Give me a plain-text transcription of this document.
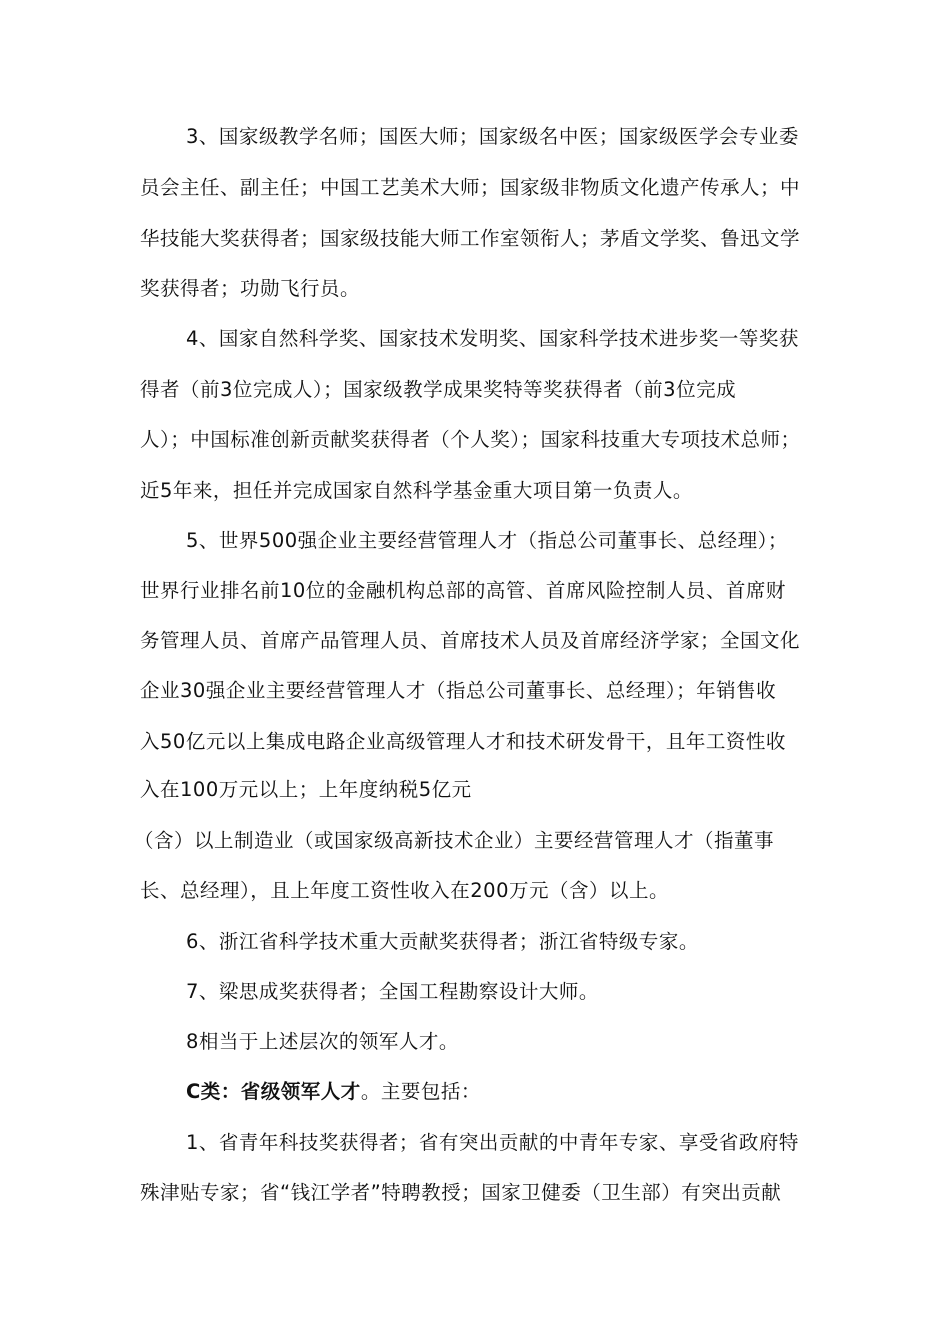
3、国家级教学名师；国医大师；国家级名中医；国家级医学会专业委
员会主任、副主任；中国工艺美术大师；国家级非物质文化遗产传承人；中
华技能大奖获得者；国家级技能大师工作室领衔人；茅盾文学奖、鲁迅文学
奖获得者；功勋飞行员。
4、国家自然科学奖、国家技术发明奖、国家科学技术进步奖一等奖获
得者（前3位完成人）；国家级教学成果奖特等奖获得者（前3位完成
人）；中国标准创新贡献奖获得者（个人奖）；国家科技重大专项技术总师；
近5年来，担任并完成国家自然科学基金重大项目第一负责人。
5、世界500强企业主要经营管理人才（指总公司董事长、总经理）；
世界行业排名前10位的金融机构总部的高管、首席风险控制人员、首席财
务管理人员、首席产品管理人员、首席技术人员及首席经济学家；全国文化
企业30强企业主要经营管理人才（指总公司董事长、总经理）；年销售收
入50亿元以上集成电路企业高级管理人才和技术研发骨干，且年工资性收
入在100万元以上；上年度纳税5亿元
（含）以上制造业（或国家级高新技术企业）主要经营管理人才（指董事
长、总经理），且上年度工资性收入在200万元（含）以上。
6、浙江省科学技术重大贡献奖获得者；浙江省特级专家。
7、梁思成奖获得者；全国工程勘察设计大师。
8相当于上述层次的领军人才。
C类：省级领军人才。主要包括：
1、省青年科技奖获得者；省有突出贡献的中青年专家、享受省政府特
殊津贴专家；省“钱江学者”特聘教授；国家卫健委（卫生部）有突出贡献
